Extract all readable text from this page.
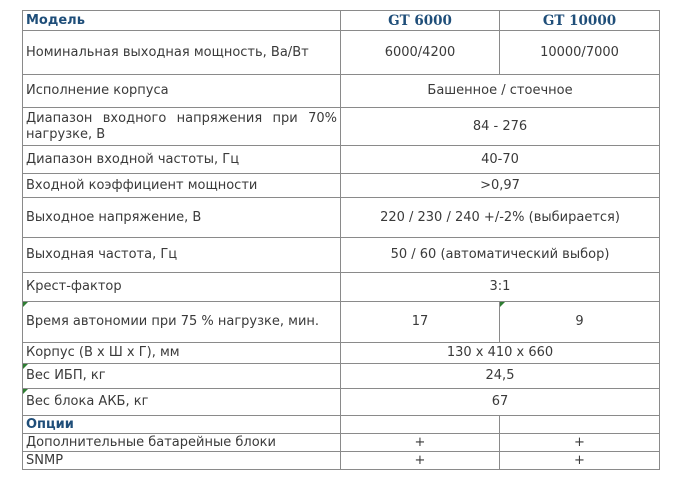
Модель	GT 6000	GT 10000
Номинальная выходная мощность, Ва/Вт	6000/4200	10000/7000
Исполнение корпуса	Башенное / стоечное	
Диапазон входного напряжения при 70% нагрузке, В	84 - 276	
Диапазон входной частоты, Гц	40-70	
Входной коэффициент мощности	>0,97	
Выходное напряжение, В	220 / 230 / 240 +/-2% (выбирается)	
Выходная частота, Гц	50 / 60 (автоматический выбор)	
Крест-фактор	3:1	
Время автономии при 75 % нагрузке, мин.	17	9
Корпус (В х Ш х Г), мм	130 х 410 х 660	
Вес ИБП, кг	24,5	
Вес блока АКБ, кг	67	
Опции		
Дополнительные батарейные блоки	+	+
SNMP	+	+
